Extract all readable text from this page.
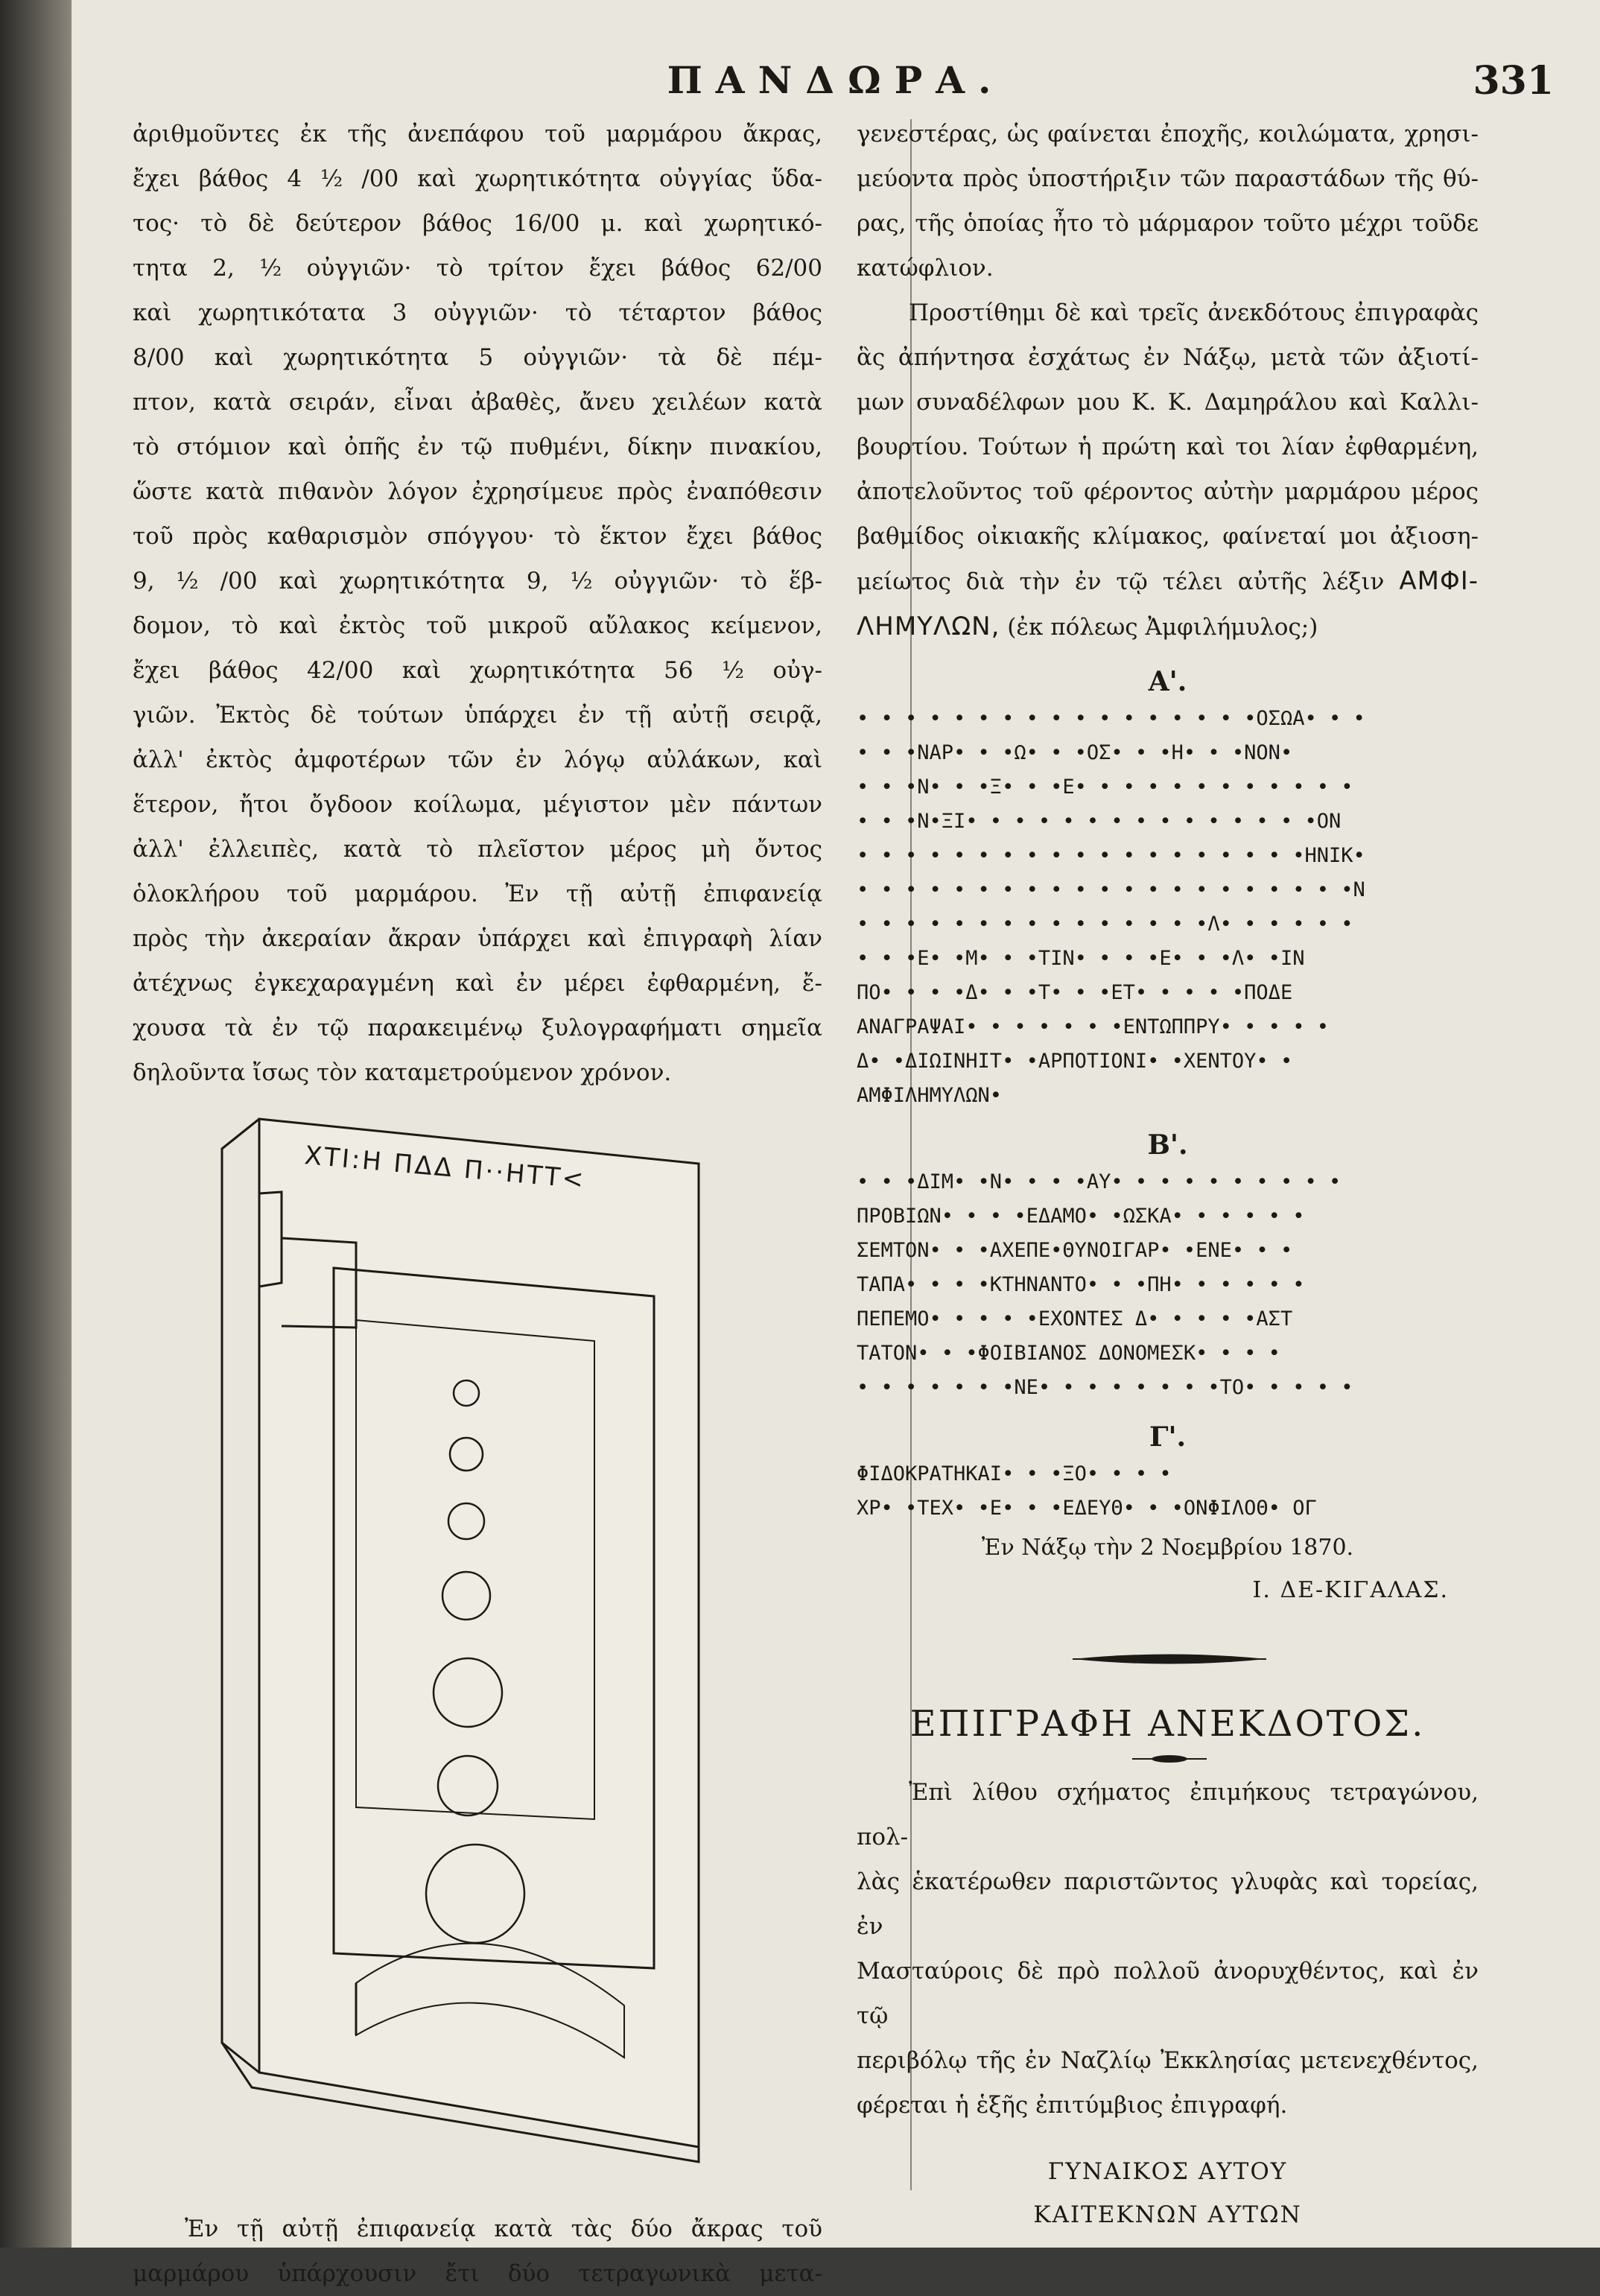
ΠΑΝΔΩΡΑ.	331

ἀριθμοῦντες ἐκ τῆς ἀνεπάφου τοῦ μαρμάρου ἄκρας,

ἔχει βάθος 4 ½ /00 καὶ χωρητικότητα οὐγγίας ὕδα-

τος· τὸ δὲ δεύτερον βάθος 16/00 μ. καὶ χωρητικό-

τητα 2, ½ οὐγγιῶν· τὸ τρίτον ἔχει βάθος 62/00

καὶ χωρητικότατα 3 οὐγγιῶν· τὸ τέταρτον βάθος

8/00 καὶ χωρητικότητα 5 οὐγγιῶν· τὰ δὲ πέμ-

πτον, κατὰ σειράν, εἶναι ἀβαθὲς, ἄνευ χειλέων κατὰ

τὸ στόμιον καὶ ὀπῆς ἐν τῷ πυθμένι, δίκην πινακίου,

ὥστε κατὰ πιθανὸν λόγον ἐχρησίμευε πρὸς ἐναπόθεσιν

τοῦ πρὸς καθαρισμὸν σπόγγου· τὸ ἕκτον ἔχει βάθος

9, ½ /00 καὶ χωρητικότητα 9, ½ οὐγγιῶν· τὸ ἕβ-

δομον, τὸ καὶ ἐκτὸς τοῦ μικροῦ αὔλακος κείμενον,

ἔχει βάθος 42/00 καὶ χωρητικότητα 56 ½ οὐγ-

γιῶν. Ἐκτὸς δὲ τούτων ὑπάρχει ἐν τῇ αὐτῇ σειρᾷ,

ἀλλ' ἐκτὸς ἀμφοτέρων τῶν ἐν λόγῳ αὐλάκων, καὶ

ἕτερον, ἤτοι ὄγδοον κοίλωμα, μέγιστον μὲν πάντων

ἀλλ' ἐλλειπὲς, κατὰ τὸ πλεῖστον μέρος μὴ ὄντος

ὁλοκλήρου τοῦ μαρμάρου. Ἐν τῇ αὐτῇ ἐπιφανείᾳ

πρὸς τὴν ἀκεραίαν ἄκραν ὑπάρχει καὶ ἐπιγραφὴ λίαν

ἀτέχνως ἐγκεχαραγμένη καὶ ἐν μέρει ἐφθαρμένη, ἔ-

χουσα τὰ ἐν τῷ παρακειμένῳ ξυλογραφήματι σημεῖα

δηλοῦντα ἴσως τὸν καταμετρούμενον χρόνον.

ΧΤΙ:Η ΠΔΔ Π··ΗΤΤ<

Ἐν τῇ αὐτῇ ἐπιφανείᾳ κατὰ τὰς δύο ἄκρας τοῦ

μαρμάρου ὑπάρχουσιν ἔτι δύο τετραγωνικὰ μετα-

γενεστέρας, ὡς φαίνεται ἐποχῆς, κοιλώματα, χρησι-

μεύοντα πρὸς ὑποστήριξιν τῶν παραστάδων τῆς θύ-

ρας, τῆς ὁποίας ἦτο τὸ μάρμαρον τοῦτο μέχρι τοῦδε

κατώφλιον.

Προστίθημι δὲ καὶ τρεῖς ἀνεκδότους ἐπιγραφὰς

ἃς ἀπήντησα ἐσχάτως ἐν Νάξῳ, μετὰ τῶν ἀξιοτί-

μων συναδέλφων μου Κ. Κ. Δαμηράλου καὶ Καλλι-

βουρτίου. Τούτων ἡ πρώτη καὶ τοι λίαν ἐφθαρμένη,

ἀποτελοῦντος τοῦ φέροντος αὐτὴν μαρμάρου μέρος

βαθμίδος οἰκιακῆς κλίμακος, φαίνεταί μοι ἀξιοση-

μείωτος διὰ τὴν ἐν τῷ τέλει αὐτῆς λέξιν ΑΜΦΙ-

ΛΗΜΥΛΩΝ, (ἐκ πόλεως Ἀμφιλήμυλος;)

Α'.

• • • • • • • • • • • • • • • • •ΟΣΩΑ• • •

• • •ΝΑΡ• • •Ω• • •ΟΣ• • •Η• • •ΝΟΝ•

• • •Ν• • •Ξ• • •Ε• • • • • • • • • • • •

• • •Ν•ΞΙ• • • • • • • • • • • • • • •ΟΝ

• • • • • • • • • • • • • • • • • • •ΗΝΙΚ•

• • • • • • • • • • • • • • • • • • • • •Ν

• • • • • • • • • • • • • • •Λ• • • • • •

• • •Ε• •Μ• • •ΤΙΝ• • • •Ε• • •Λ• •ΙΝ

ΠΟ• • • •Δ• • •Τ• • •ΕΤ• • • • •ΠΟΔΕ

ΑΝΑΓΡΑΨΑΙ• • • • • • •ΕΝΤΩΠΠΡΥ• • • • •

Δ• •ΔΙΩΙΝΗΙΤ• •ΑΡΠΟΤΙΟΝΙ• •ΧΕΝΤΟΥ• •

ΑΜΦΙΛΗΜΥΛΩΝ•

Β'.

• • •ΔΙΜ• •Ν• • • •ΑΥ• • • • • • • • • •

ΠΡΟΒΙΩΝ• • • •ΕΔΑΜΟ• •ΩΣΚΑ• • • • • •

ΣΕΜΤΟΝ• • •ΑΧΕΠΕ•ΘΥΝΟΙΓΑΡ• •ΕΝΕ• • •

ΤΑΠΑ• • • •ΚΤΗΝΑΝΤΟ• • •ΠΗ• • • • • •

ΠΕΠΕΜΟ• • • • •ΕΧΟΝΤΕΣ Δ• • • • •ΑΣΤ

ΤΑΤΟΝ• • •ΦΟΙΒΙΑΝΟΣ ΔΟΝΟΜΕΣΚ• • • •

• • • • • • •ΝΕ• • • • • • • •ΤΟ• • • • •

Γ'.

ΦΙΔΟΚΡΑΤΗΚΑΙ• • •ΞΟ• • • •

ΧΡ• •ΤΕΧ• •Ε• • •ΕΔΕΥΘ• • •ΟΝΦΙΛΟΘ• ΟΓ

Ἐν Νάξῳ τὴν 2 Νοεμβρίου 1870.
Ι. ΔΕ-ΚΙΓΑΛΑΣ.
ΕΠΙΓΡΑΦΗ ΑΝΕΚΔΟΤΟΣ.

Ἐπὶ λίθου σχήματος ἐπιμήκους τετραγώνου, πολ-

λὰς ἑκατέρωθεν παριστῶντος γλυφὰς καὶ τορείας, ἐν

Μασταύροις δὲ πρὸ πολλοῦ ἀνορυχθέντος, καὶ ἐν τῷ

περιβόλῳ τῆς ἐν Ναζλίῳ Ἐκκλησίας μετενεχθέντος,

φέρεται ἡ ἑξῆς ἐπιτύμβιος ἐπιγραφή.

ΓΥΝΑΙΚΟΣ ΑΥΤΟΥ

ΚΑΙΤΕΚΝΩΝ ΑΥΤΩΝ
